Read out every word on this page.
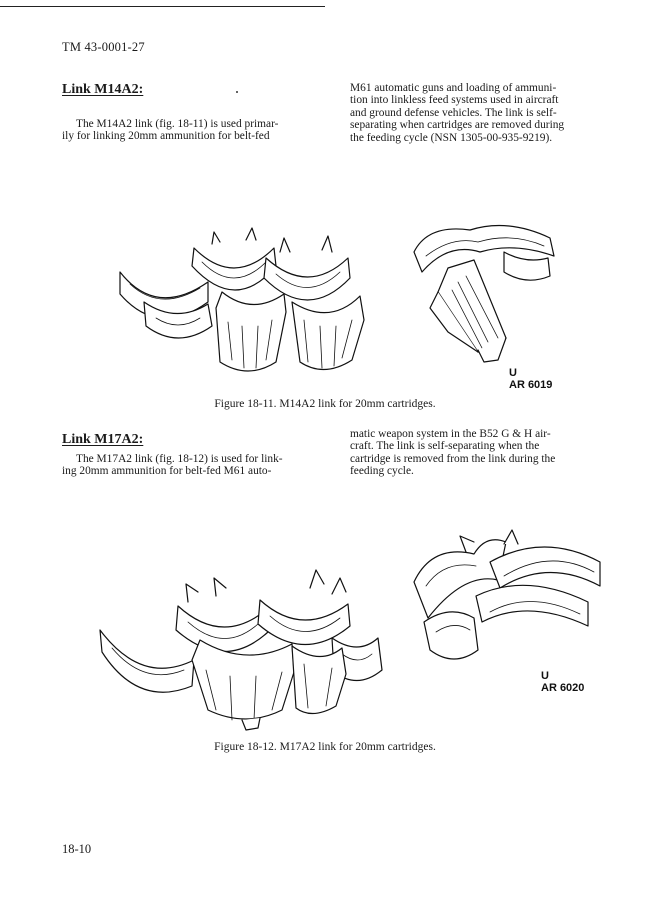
TM 43-0001-27
Link M14A2:
The M14A2 link (fig. 18-11) is used primar-
ily for linking 20mm ammunition for belt-fed
M61 automatic guns and loading of ammuni-
tion into linkless feed systems used in aircraft
and ground defense vehicles. The link is self-
separating when cartridges are removed during
the feeding cycle (NSN 1305-00-935-9219).
U
AR 6019
Figure 18-11. M14A2 link for 20mm cartridges.
Link M17A2:
The M17A2 link (fig. 18-12) is used for link-
ing 20mm ammunition for belt-fed M61 auto-
matic weapon system in the B52 G & H air-
craft. The link is self-separating when the
cartridge is removed from the link during the
feeding cycle.
U
AR 6020
Figure 18-12. M17A2 link for 20mm cartridges.
18-10
